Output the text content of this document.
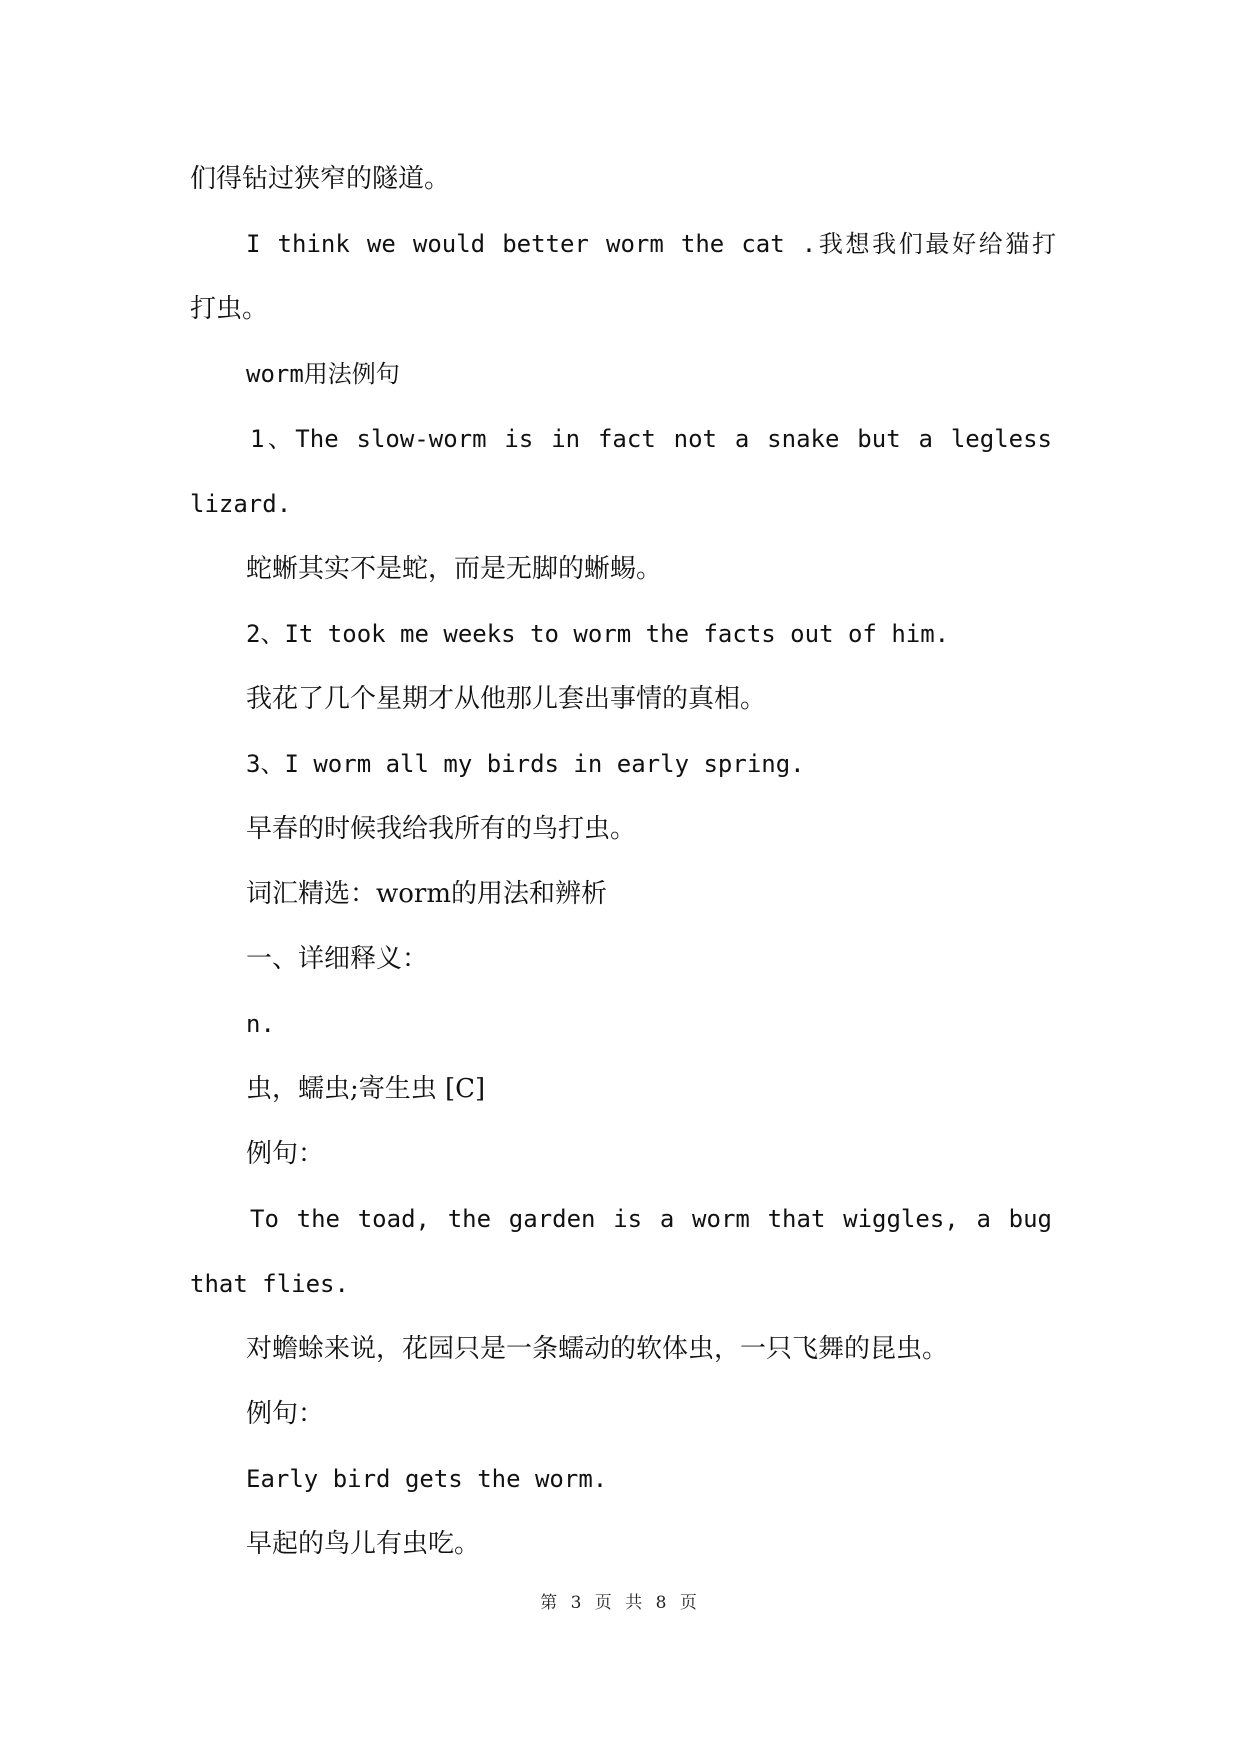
们得钻过狭窄的隧道。
I think we would better worm the cat .我想我们最好给猫打
打虫。
worm用法例句
1、The slow-worm is in fact not a snake but a legless
lizard.
蛇蜥其实不是蛇，而是无脚的蜥蜴。
2、It took me weeks to worm the facts out of him.
我花了几个星期才从他那儿套出事情的真相。
3、I worm all my birds in early spring.
早春的时候我给我所有的鸟打虫。
词汇精选：worm的用法和辨析
一、详细释义：
n.
虫，蠕虫;寄生虫 [C]
例句：
To the toad, the garden is a worm that wiggles, a bug
that flies.
对蟾蜍来说，花园只是一条蠕动的软体虫，一只飞舞的昆虫。
例句：
Early bird gets the worm.
早起的鸟儿有虫吃。
第 3 页 共 8 页
